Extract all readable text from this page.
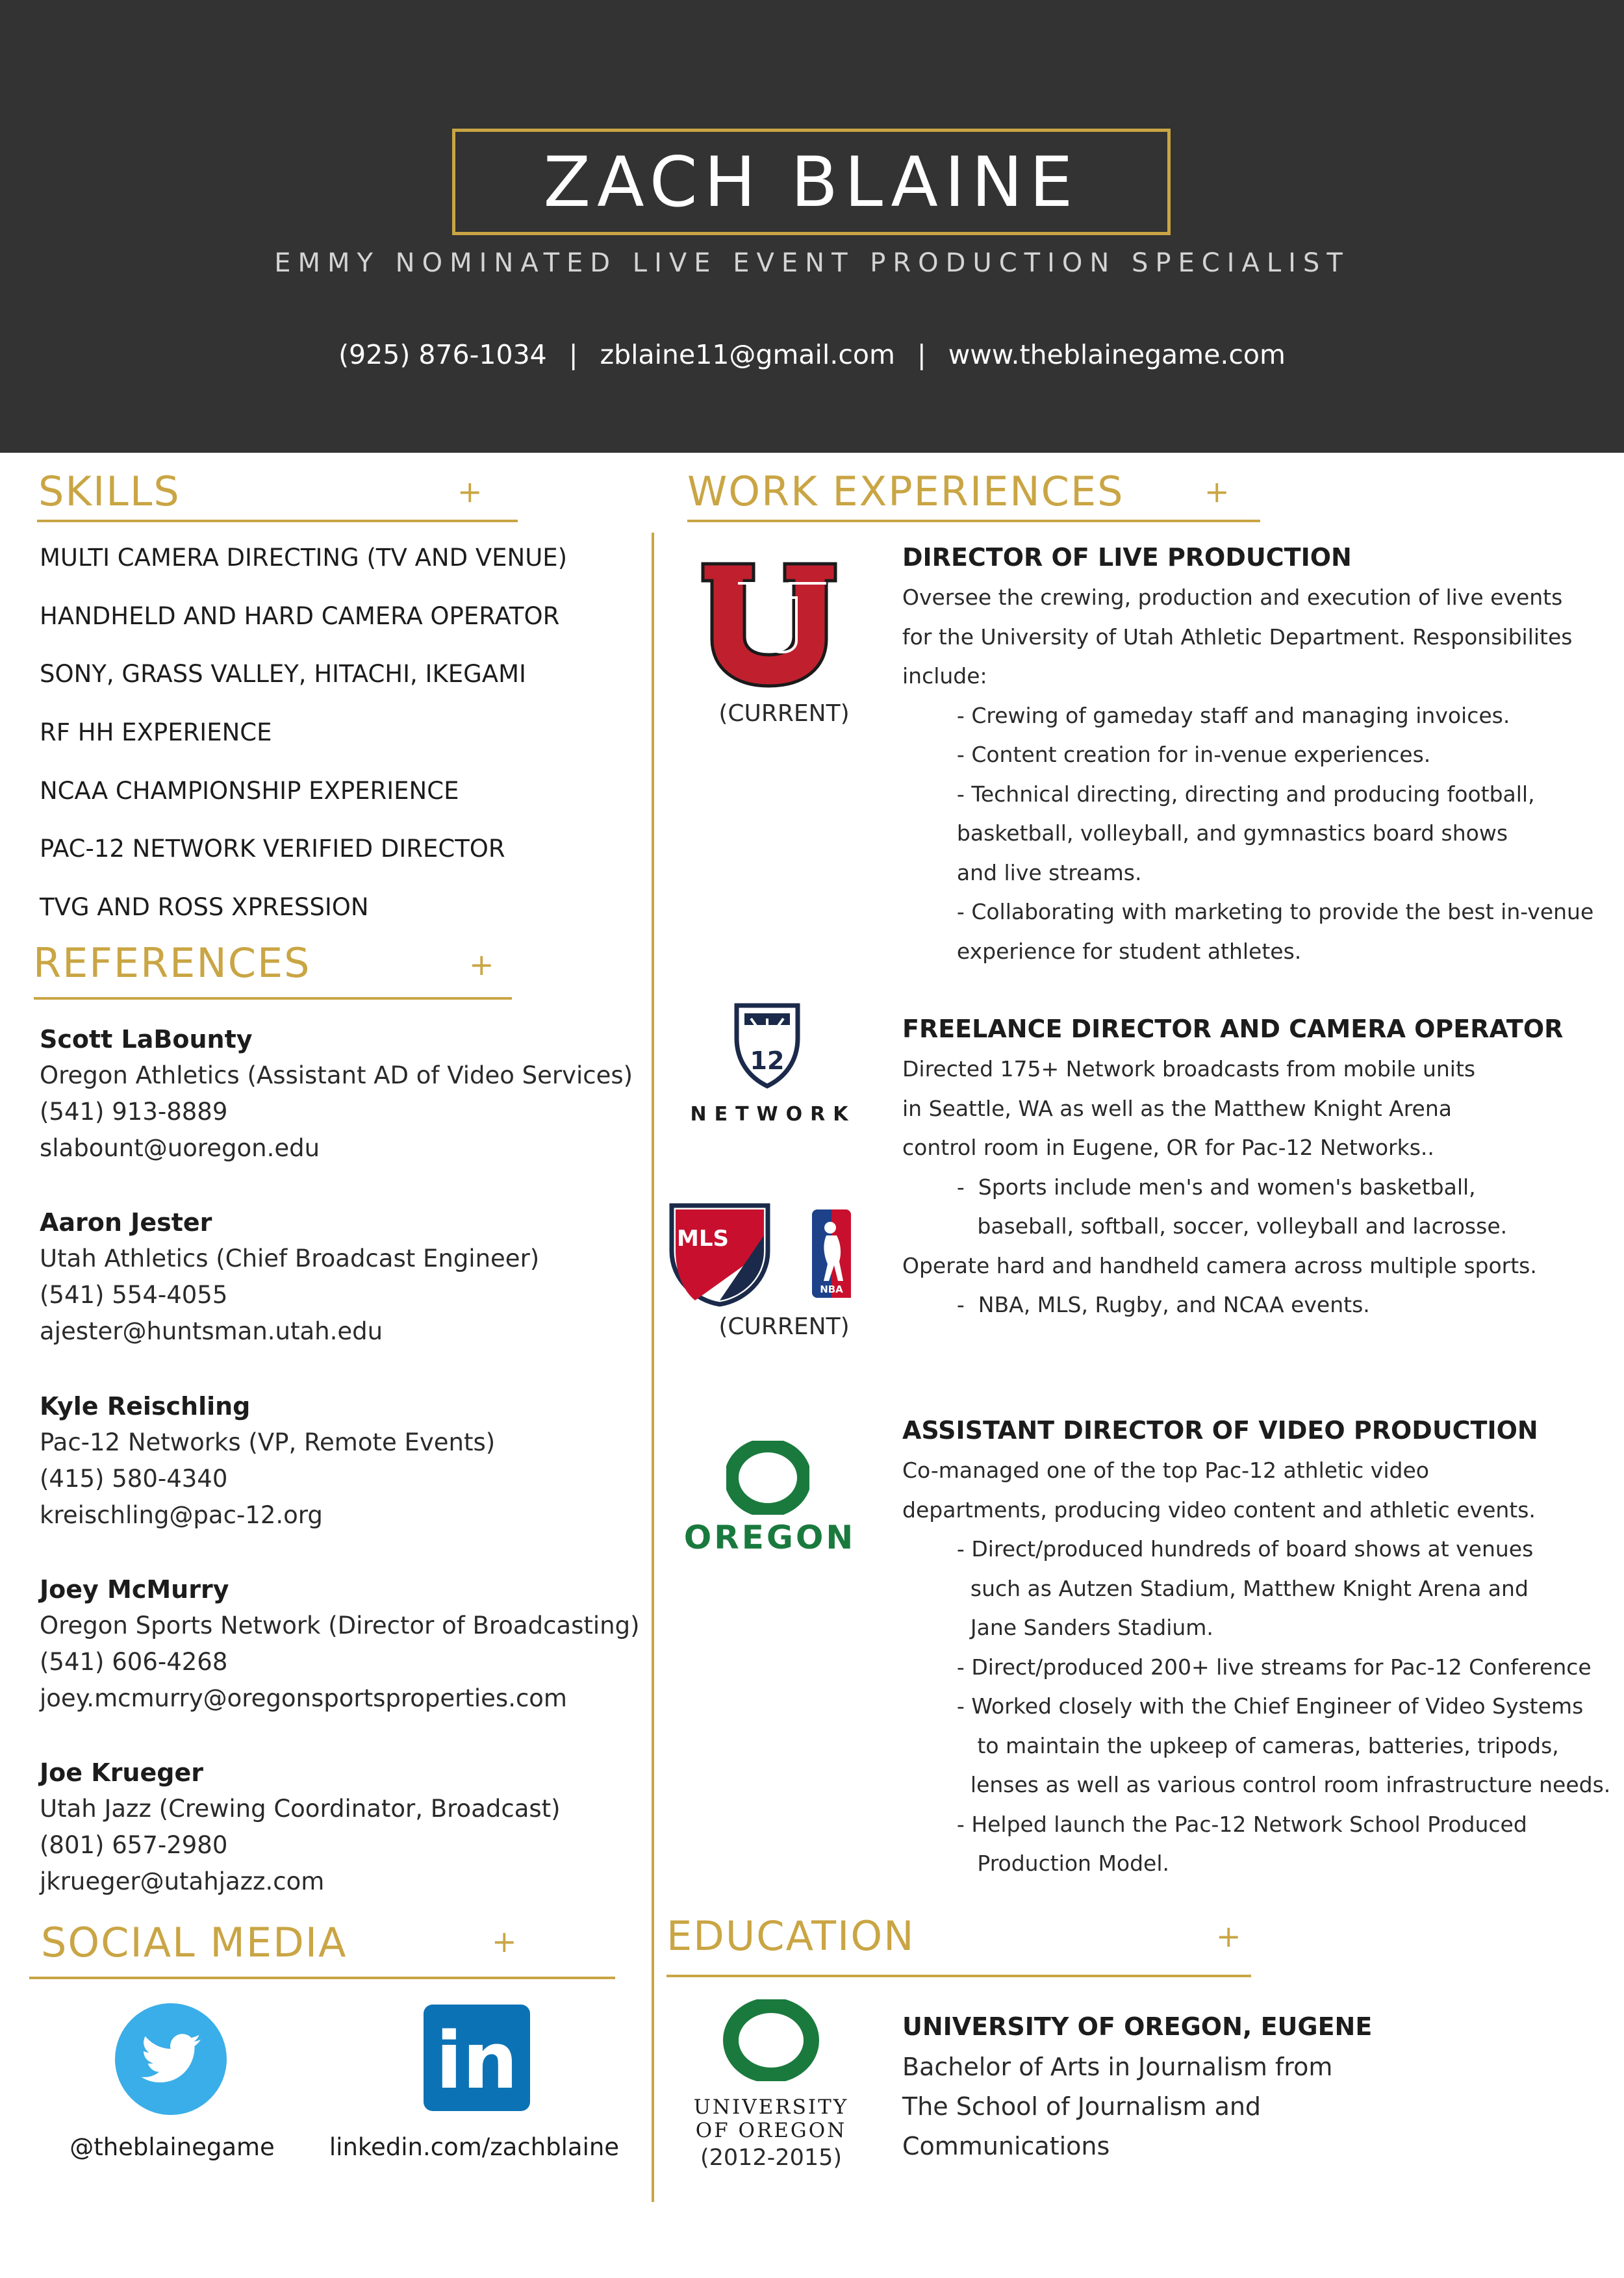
ZACH BLAINE
EMMY NOMINATED LIVE EVENT PRODUCTION SPECIALIST
(925) 876-1034 | zblaine11@gmail.com | www.theblainegame.com
SKILLS	+
MULTI CAMERA DIRECTING (TV AND VENUE)
HANDHELD AND HARD CAMERA OPERATOR
SONY, GRASS VALLEY, HITACHI, IKEGAMI
RF HH EXPERIENCE
NCAA CHAMPIONSHIP EXPERIENCE
PAC-12 NETWORK VERIFIED DIRECTOR
TVG AND ROSS XPRESSION
REFERENCES	+
Scott LaBounty
Oregon Athletics (Assistant AD of Video Services)
(541) 913-8889
slabount@uoregon.edu
Aaron Jester
Utah Athletics (Chief Broadcast Engineer)
(541) 554-4055
ajester@huntsman.utah.edu
Kyle Reischling
Pac-12 Networks (VP, Remote Events)
(415) 580-4340
kreischling@pac-12.org
Joey McMurry
Oregon Sports Network (Director of Broadcasting)
(541) 606-4268
joey.mcmurry@oregonsportsproperties.com
Joe Krueger
Utah Jazz (Crewing Coordinator, Broadcast)
(801) 657-2980
jkrueger@utahjazz.com
SOCIAL MEDIA	+
@theblainegame
in
linkedin.com/zachblaine
WORK EXPERIENCES	+
(CURRENT)
DIRECTOR OF LIVE PRODUCTION
Oversee the crewing, production and execution of live events
for the University of Utah Athletic Department. Responsibilites
include:
- Crewing of gameday staff and managing invoices.
- Content creation for in-venue experiences.
- Technical directing, directing and producing football,
basketball, volleyball, and gymnastics board shows
and live streams.
- Collaborating with marketing to provide the best in-venue
experience for student athletes.
12
NETWORK
MLS
NBA
(CURRENT)
FREELANCE DIRECTOR AND CAMERA OPERATOR
Directed 175+ Network broadcasts from mobile units
in Seattle, WA as well as the Matthew Knight Arena
control room in Eugene, OR for Pac-12 Networks..
-  Sports include men's and women's basketball,
baseball, softball, soccer, volleyball and lacrosse.
Operate hard and handheld camera across multiple sports.
-  NBA, MLS, Rugby, and NCAA events.
OREGON
ASSISTANT DIRECTOR OF VIDEO PRODUCTION
Co-managed one of the top Pac-12 athletic video
departments, producing video content and athletic events.
- Direct/produced hundreds of board shows at venues
such as Autzen Stadium, Matthew Knight Arena and
Jane Sanders Stadium.
- Direct/produced 200+ live streams for Pac-12 Conference
- Worked closely with the Chief Engineer of Video Systems
to maintain the upkeep of cameras, batteries, tripods,
lenses as well as various control room infrastructure needs.
- Helped launch the Pac-12 Network School Produced
Production Model.
EDUCATION	+
UNIVERSITY
OF OREGON
(2012-2015)
UNIVERSITY OF OREGON, EUGENE
Bachelor of Arts in Journalism from
The School of Journalism and
Communications
